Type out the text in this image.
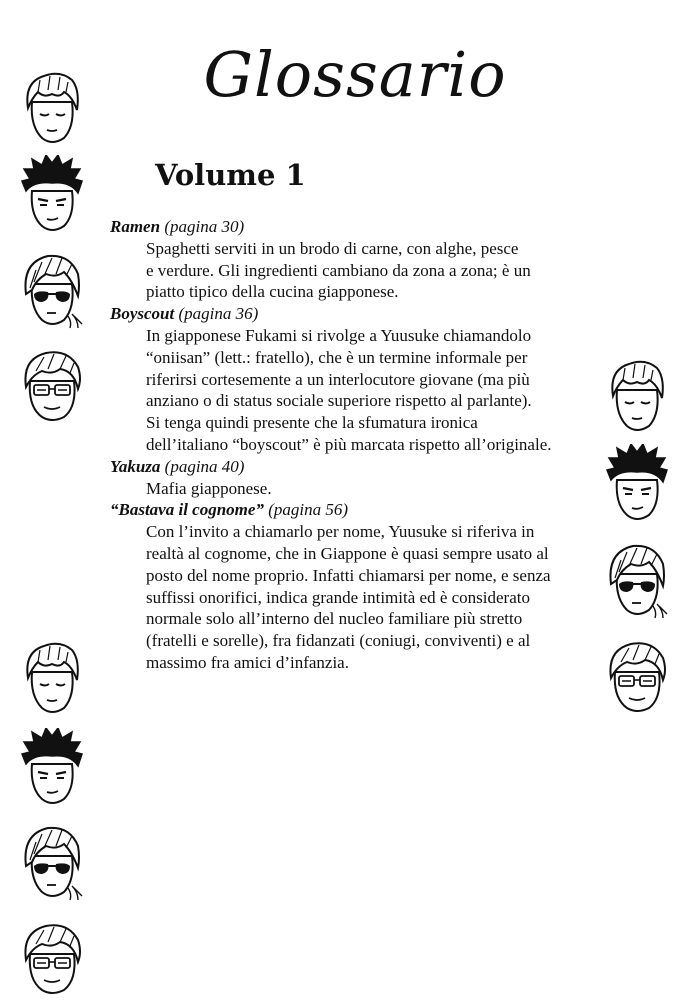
Glossario
Volume 1
Ramen (pagina 30)
Spaghetti serviti in un brodo di carne, con alghe, pesce
e verdure. Gli ingredienti cambiano da zona a zona; è un
piatto tipico della cucina giapponese.
Boyscout (pagina 36)
In giapponese Fukami si rivolge a Yuusuke chiamandolo
“oniisan” (lett.: fratello), che è un termine informale per
riferirsi cortesemente a un interlocutore giovane (ma più
anziano o di status sociale superiore rispetto al parlante).
Si tenga quindi presente che la sfumatura ironica
dell’italiano “boyscout” è più marcata rispetto all’originale.
Yakuza (pagina 40)
Mafia giapponese.
“Bastava il cognome” (pagina 56)
Con l’invito a chiamarlo per nome, Yuusuke si riferiva in
realtà al cognome, che in Giappone è quasi sempre usato al
posto del nome proprio. Infatti chiamarsi per nome, e senza
suffissi onorifici, indica grande intimità ed è considerato
normale solo all’interno del nucleo familiare più stretto
(fratelli e sorelle), fra fidanzati (coniugi, conviventi) e al
massimo fra amici d’infanzia.
